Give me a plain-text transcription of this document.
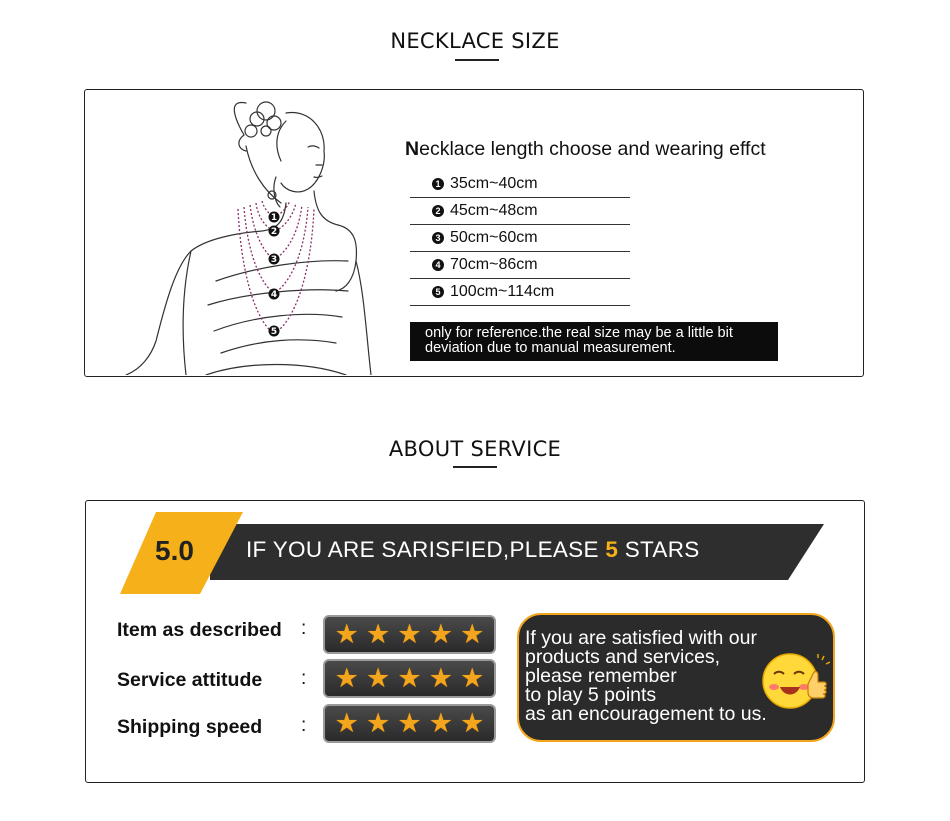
NECKLACE SIZE
1
2
3
4
5
Necklace length choose and wearing effct
1 35cm~40cm
2 45cm~48cm
3 50cm~60cm
4 70cm~86cm
5 100cm~114cm
only for reference.the real size may be a little bit
deviation due to manual measurement.
ABOUT SERVICE
5.0 IF YOU ARE SARISFIED,PLEASE 5 STARS
Item as described : ★ ★ ★ ★ ★
Service attitude : ★ ★ ★ ★ ★
Shipping speed : ★ ★ ★ ★ ★
If you are satisfied with our
products and services,
please remember
to play 5 points
as an encouragement to us.
